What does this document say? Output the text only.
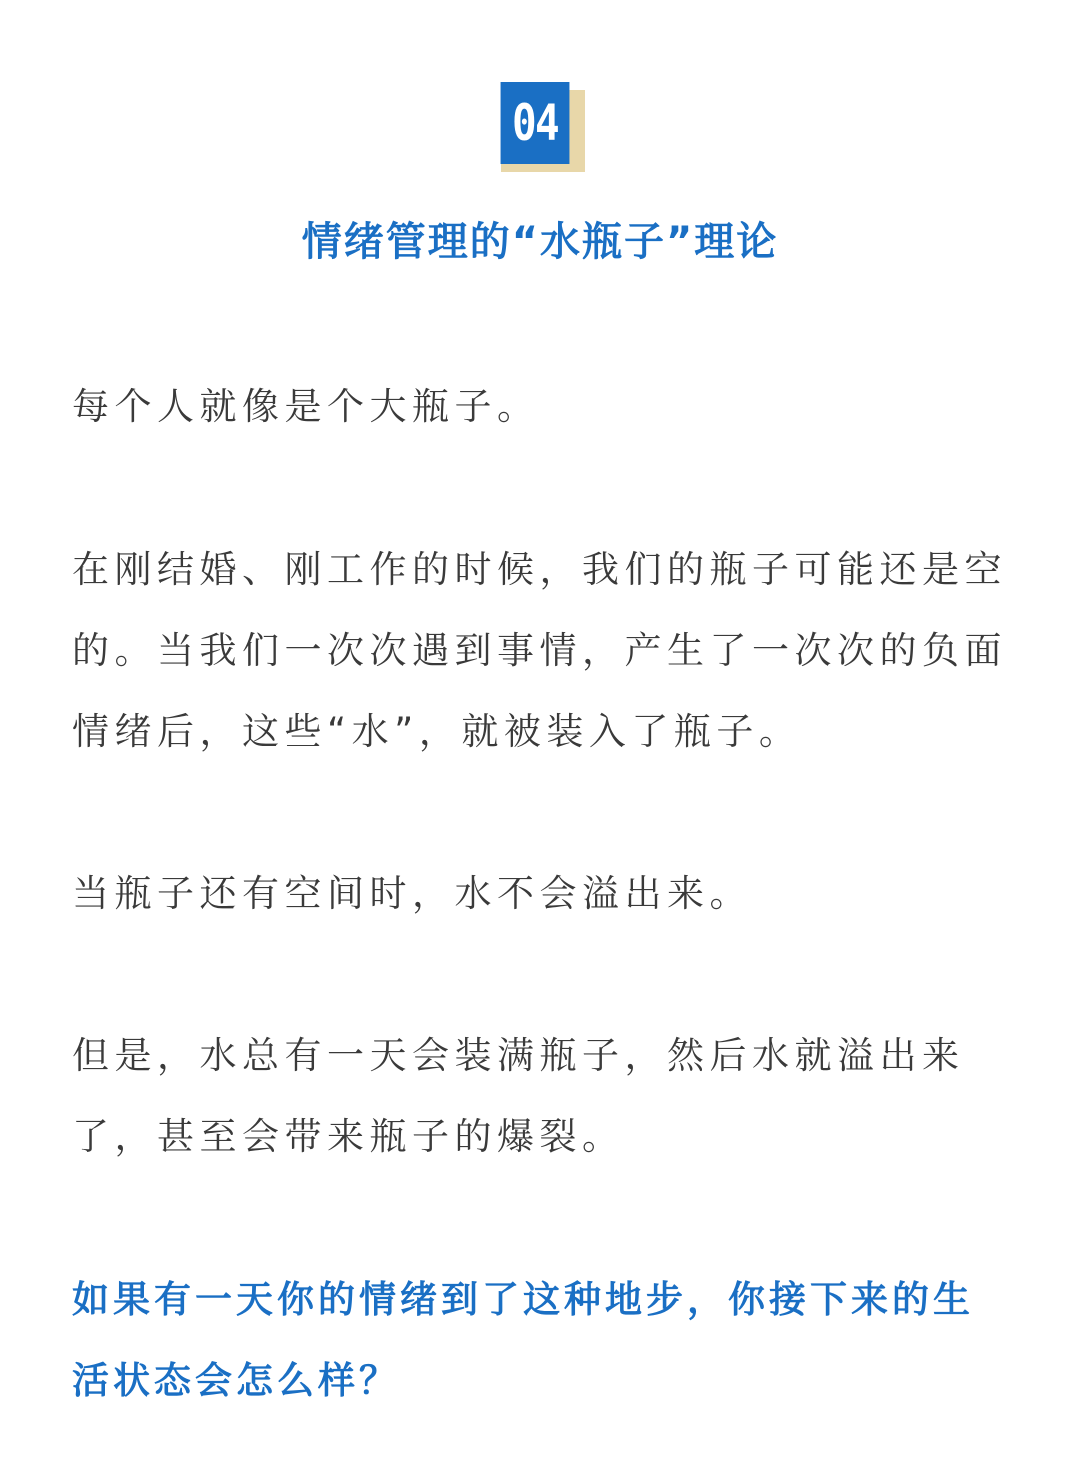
04
情绪管理的“水瓶子”理论

每个人就像是个大瓶子。

在刚结婚、刚工作的时候，我们的瓶子可能还是空的。当我们一次次遇到事情，产生了一次次的负面情绪后，这些“水”，就被装入了瓶子。

当瓶子还有空间时，水不会溢出来。

但是，水总有一天会装满瓶子，然后水就溢出来了，甚至会带来瓶子的爆裂。

如果有一天你的情绪到了这种地步，你接下来的生活状态会怎么样？
